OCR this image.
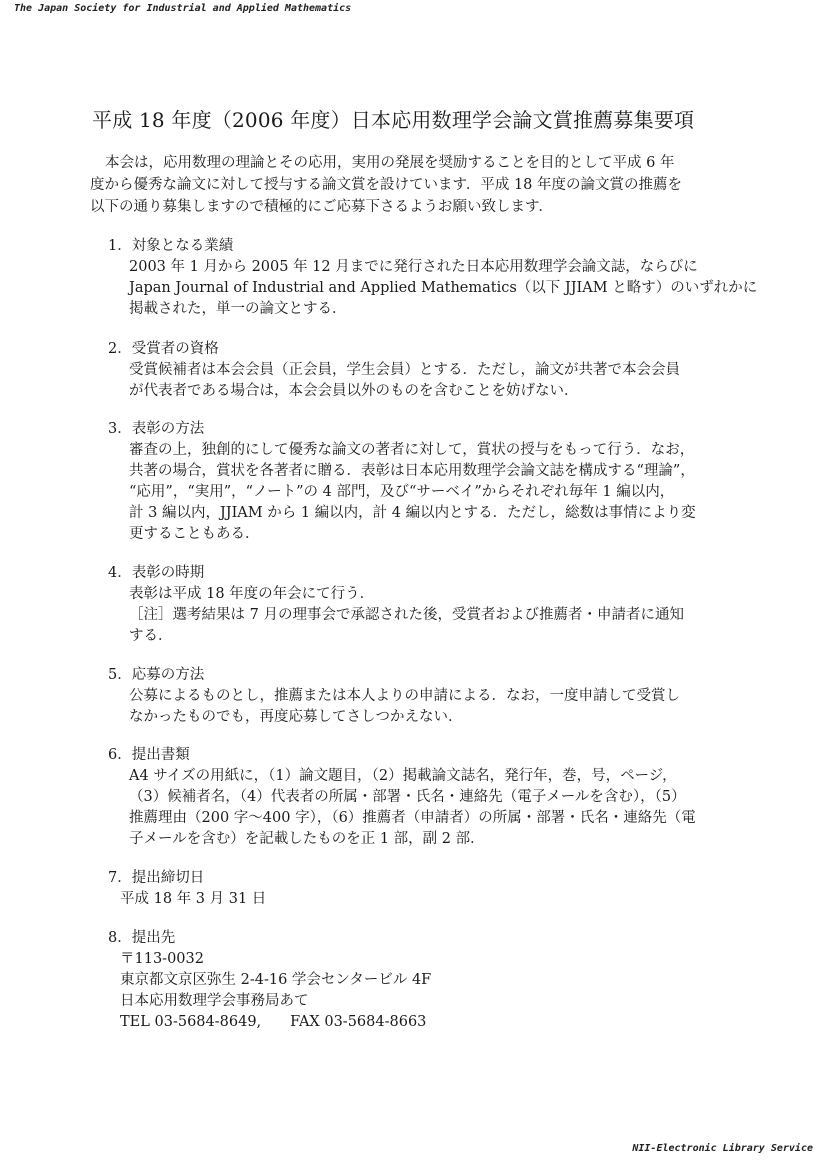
The Japan Society for Industrial and Applied Mathematics
平成 18 年度（2006 年度）日本応用数理学会論文賞推薦募集要項

本会は，応用数理の理論とその応用，実用の発展を奨励することを目的として平成 6 年

度から優秀な論文に対して授与する論文賞を設けています．平成 18 年度の論文賞の推薦を

以下の通り募集しますので積極的にご応募下さるようお願い致します．

1．対象となる業績

2003 年 1 月から 2005 年 12 月までに発行された日本応用数理学会論文誌，ならびに

Japan Journal of Industrial and Applied Mathematics（以下 JJIAM と略す）のいずれかに

掲載された，単一の論文とする．

2．受賞者の資格

受賞候補者は本会会員（正会員，学生会員）とする．ただし，論文が共著で本会会員

が代表者である場合は，本会会員以外のものを含むことを妨げない．

3．表彰の方法

審査の上，独創的にして優秀な論文の著者に対して，賞状の授与をもって行う．なお，

共著の場合，賞状を各著者に贈る．表彰は日本応用数理学会論文誌を構成する“理論”，

“応用”，“実用”，“ノート”の 4 部門，及び“サーベイ”からそれぞれ毎年 1 編以内，

計 3 編以内，JJIAM から 1 編以内，計 4 編以内とする．ただし，総数は事情により変

更することもある．

4．表彰の時期

表彰は平成 18 年度の年会にて行う．

［注］選考結果は 7 月の理事会で承認された後，受賞者および推薦者・申請者に通知

する．

5．応募の方法

公募によるものとし，推薦または本人よりの申請による．なお，一度申請して受賞し

なかったものでも，再度応募してさしつかえない．

6．提出書類

A4 サイズの用紙に，（1）論文題目，（2）掲載論文誌名，発行年，巻，号，ページ，

（3）候補者名，（4）代表者の所属・部署・氏名・連絡先（電子メールを含む），（5）

推薦理由（200 字〜400 字），（6）推薦者（申請者）の所属・部署・氏名・連絡先（電

子メールを含む）を記載したものを正 1 部，副 2 部．

7．提出締切日

平成 18 年 3 月 31 日

8．提出先

〒113-0032

東京都文京区弥生 2-4-16 学会センタービル 4F

日本応用数理学会事務局あて

TEL 03-5684-8649,　　FAX 03-5684-8663

NII-Electronic Library Service
